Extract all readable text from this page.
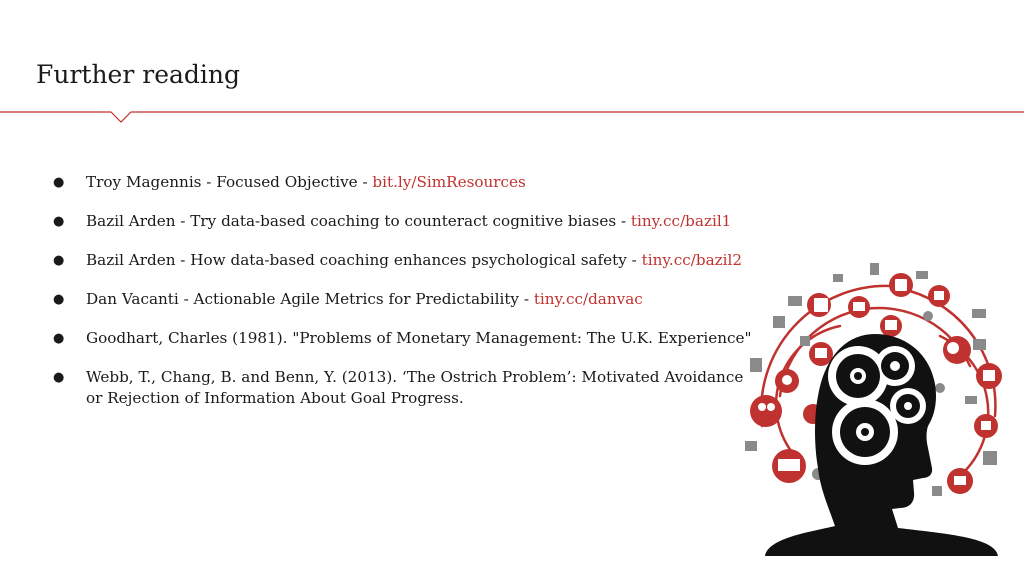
Further reading
● Troy Magennis - Focused Objective - bit.ly/SimResources
● Bazil Arden - Try data-based coaching to counteract cognitive biases - tiny.cc/bazil1
● Bazil Arden - How data-based coaching enhances psychological safety - tiny.cc/bazil2
● Dan Vacanti - Actionable Agile Metrics for Predictability - tiny.cc/danvac
● Goodhart, Charles (1981). "Problems of Monetary Management: The U.K. Experience"
● Webb, T., Chang, B. and Benn, Y. (2013). ‘The Ostrich Problem’: Motivated Avoidance or Rejection of Information About Goal Progress.
